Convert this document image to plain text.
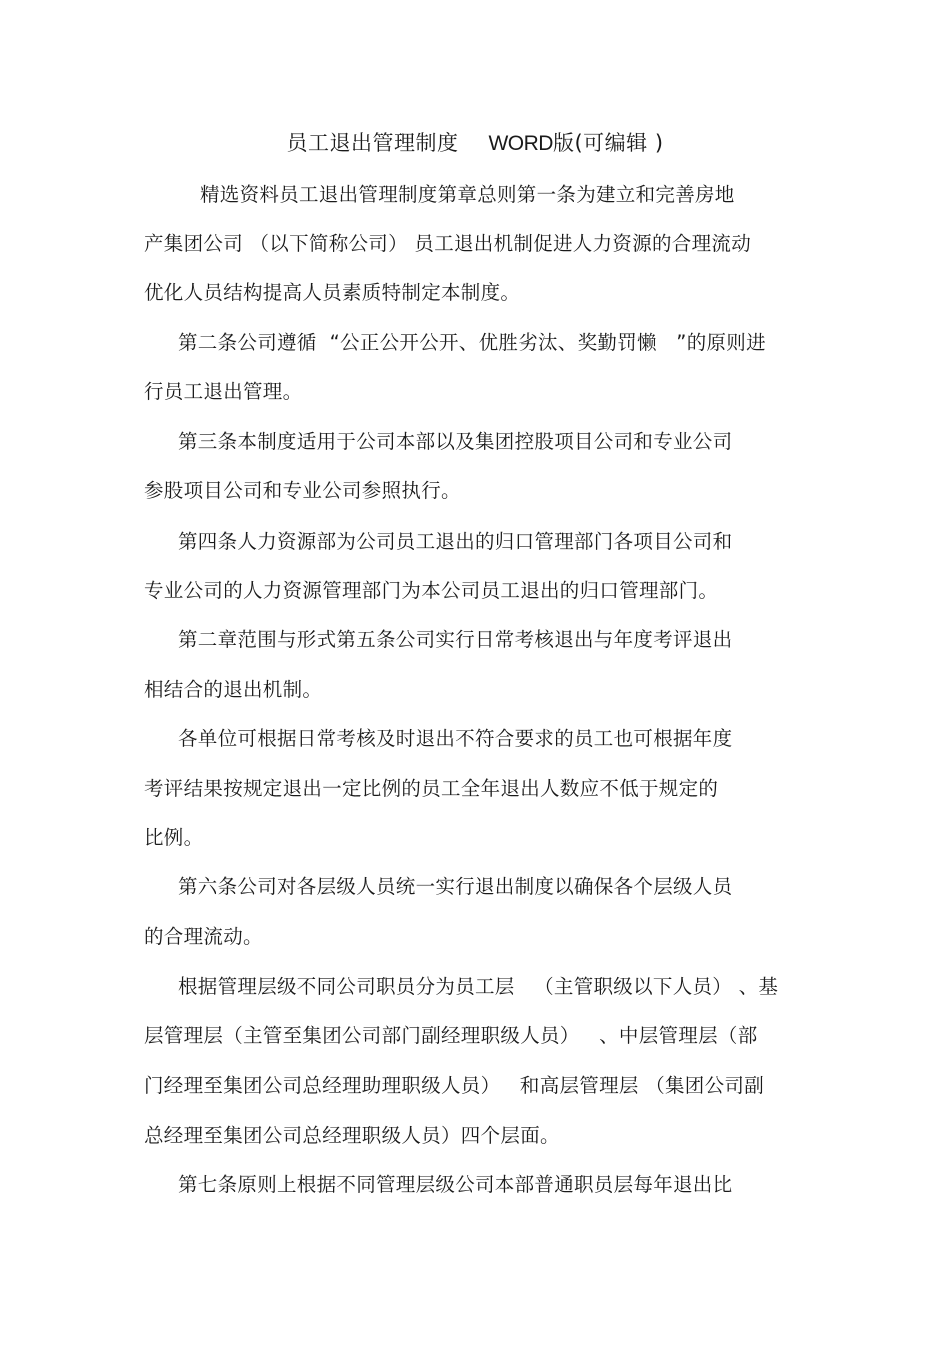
员工退出管理制度 WORD版(可编辑 )
精选资料员工退出管理制度第章总则第一条为建立和完善房地
产集团公司 （以下简称公司） 员工退出机制促进人力资源的合理流动
优化人员结构提高人员素质特制定本制度。
第二条公司遵循  “公正公开公开、优胜劣汰、奖勤罚懒   ”的原则进
行员工退出管理。
第三条本制度适用于公司本部以及集团控股项目公司和专业公司
参股项目公司和专业公司参照执行。
第四条人力资源部为公司员工退出的归口管理部门各项目公司和
专业公司的人力资源管理部门为本公司员工退出的归口管理部门。
第二章范围与形式第五条公司实行日常考核退出与年度考评退出
相结合的退出机制。
各单位可根据日常考核及时退出不符合要求的员工也可根据年度
考评结果按规定退出一定比例的员工全年退出人数应不低于规定的
比例。
第六条公司对各层级人员统一实行退出制度以确保各个层级人员
的合理流动。
根据管理层级不同公司职员分为员工层   （主管职级以下人员） 、基
层管理层（主管至集团公司部门副经理职级人员）   、中层管理层（部
门经理至集团公司总经理助理职级人员）   和高层管理层 （集团公司副
总经理至集团公司总经理职级人员）四个层面。
第七条原则上根据不同管理层级公司本部普通职员层每年退出比
